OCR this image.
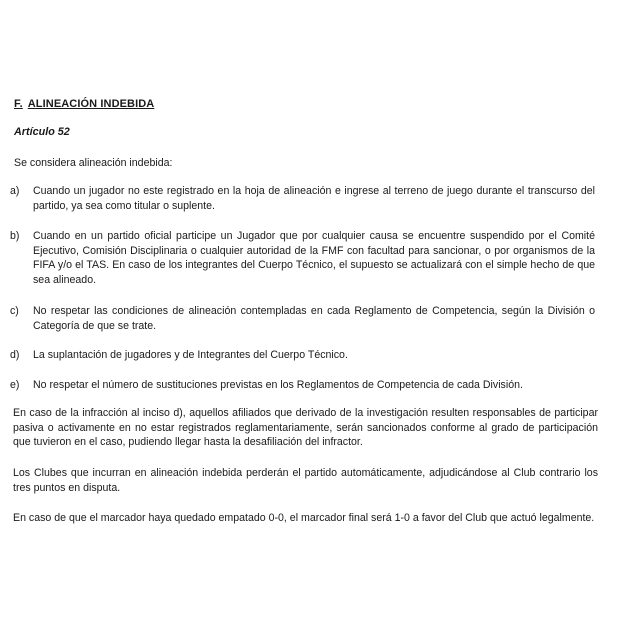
F. ALINEACIÓN INDEBIDA
Artículo 52
Se considera alineación indebida:
a) Cuando un jugador no este registrado en la hoja de alineación e ingrese al terreno de juego durante el transcurso del partido, ya sea como titular o suplente.
b) Cuando en un partido oficial participe un Jugador que por cualquier causa se encuentre suspendido por el Comité Ejecutivo, Comisión Disciplinaria o cualquier autoridad de la FMF con facultad para sancionar, o por organismos de la FIFA y/o el TAS. En caso de los integrantes del Cuerpo Técnico, el supuesto se actualizará con el simple hecho de que sea alineado.
c) No respetar las condiciones de alineación contempladas en cada Reglamento de Competencia, según la División o Categoría de que se trate.
d) La suplantación de jugadores y de Integrantes del Cuerpo Técnico.
e) No respetar el número de sustituciones previstas en los Reglamentos de Competencia de cada División.
En caso de la infracción al inciso d), aquellos afiliados que derivado de la investigación resulten responsables de participar pasiva o activamente en no estar registrados reglamentariamente, serán sancionados conforme al grado de participación que tuvieron en el caso, pudiendo llegar hasta la desafiliación del infractor.
Los Clubes que incurran en alineación indebida perderán el partido automáticamente, adjudicándose al Club contrario los tres puntos en disputa.
En caso de que el marcador haya quedado empatado 0-0, el marcador final será 1-0 a favor del Club que actuó legalmente.
